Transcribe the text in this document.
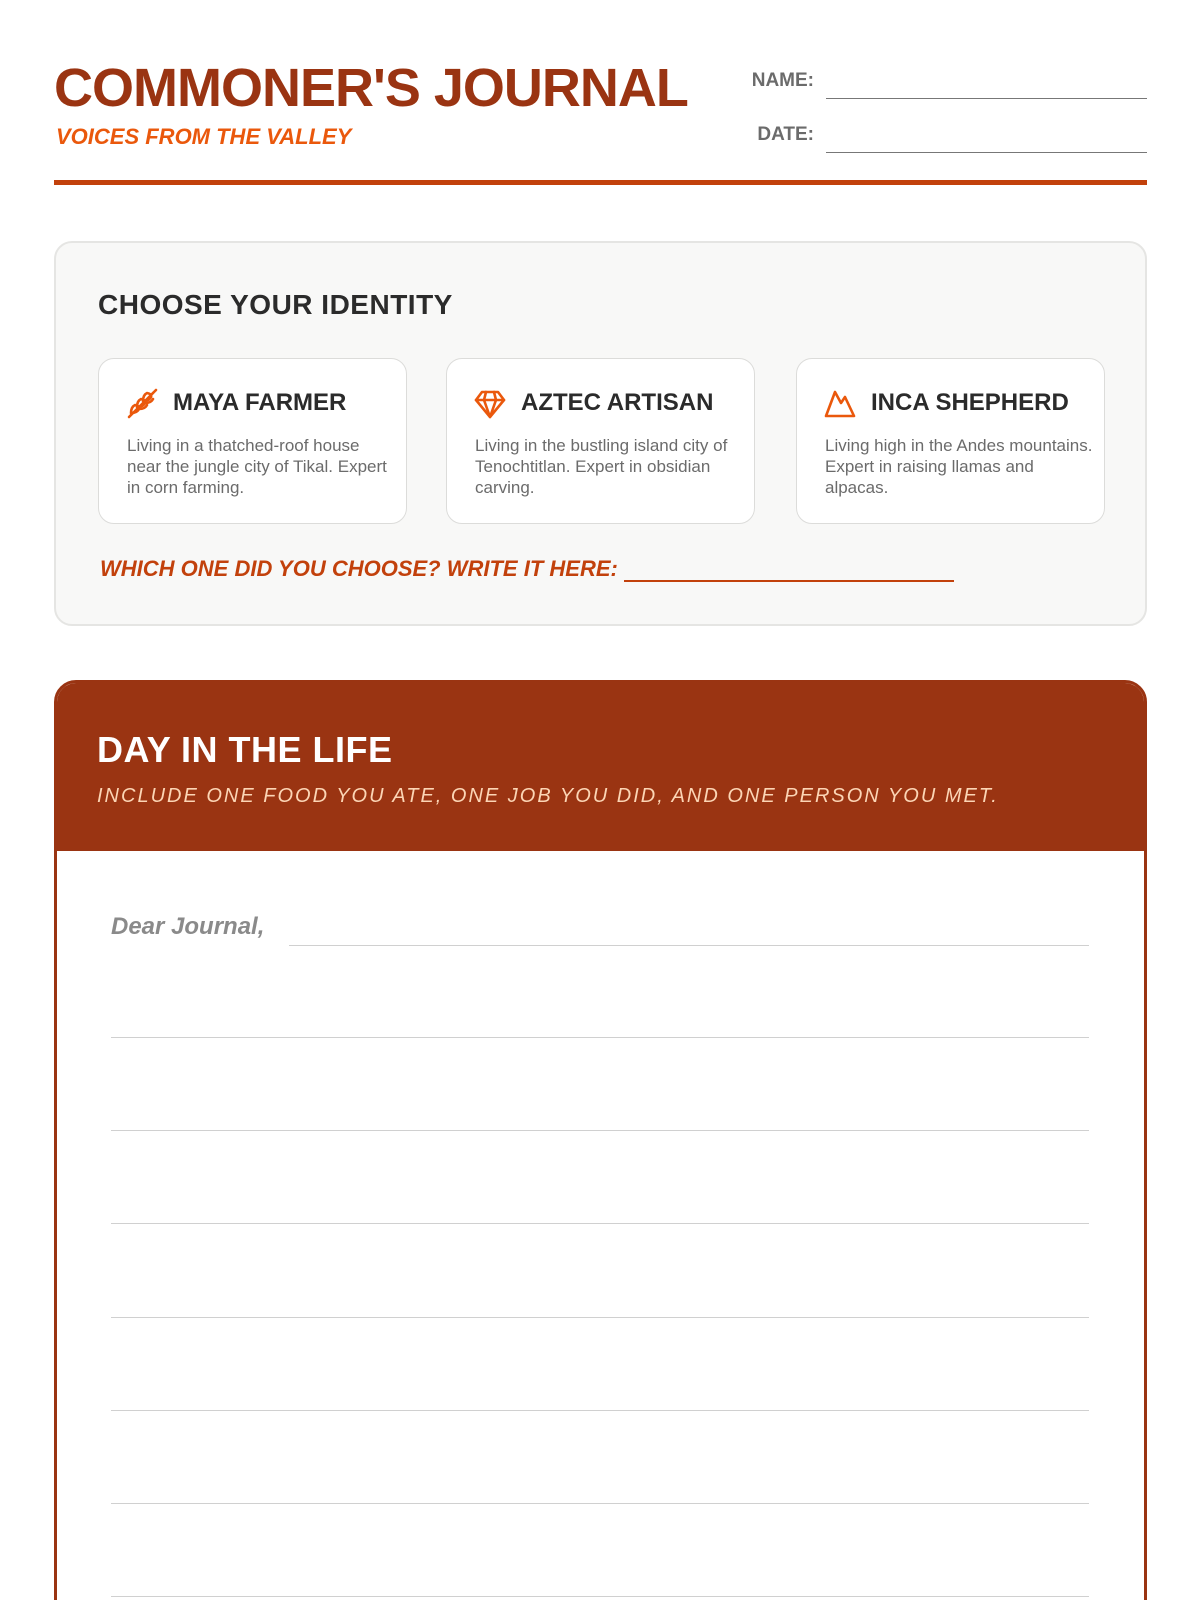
COMMONER'S JOURNAL
VOICES FROM THE VALLEY
NAME:
DATE:
CHOOSE YOUR IDENTITY
MAYA FARMER

Living in a thatched-roof house near the jungle city of Tikal. Expert in corn farming.

AZTEC ARTISAN

Living in the bustling island city of Tenochtitlan. Expert in obsidian carving.

INCA SHEPHERD

Living high in the Andes mountains. Expert in raising llamas and alpacas.

WHICH ONE DID YOU CHOOSE? WRITE IT HERE:
DAY IN THE LIFE
INCLUDE ONE FOOD YOU ATE, ONE JOB YOU DID, AND ONE PERSON YOU MET.
Dear Journal,
